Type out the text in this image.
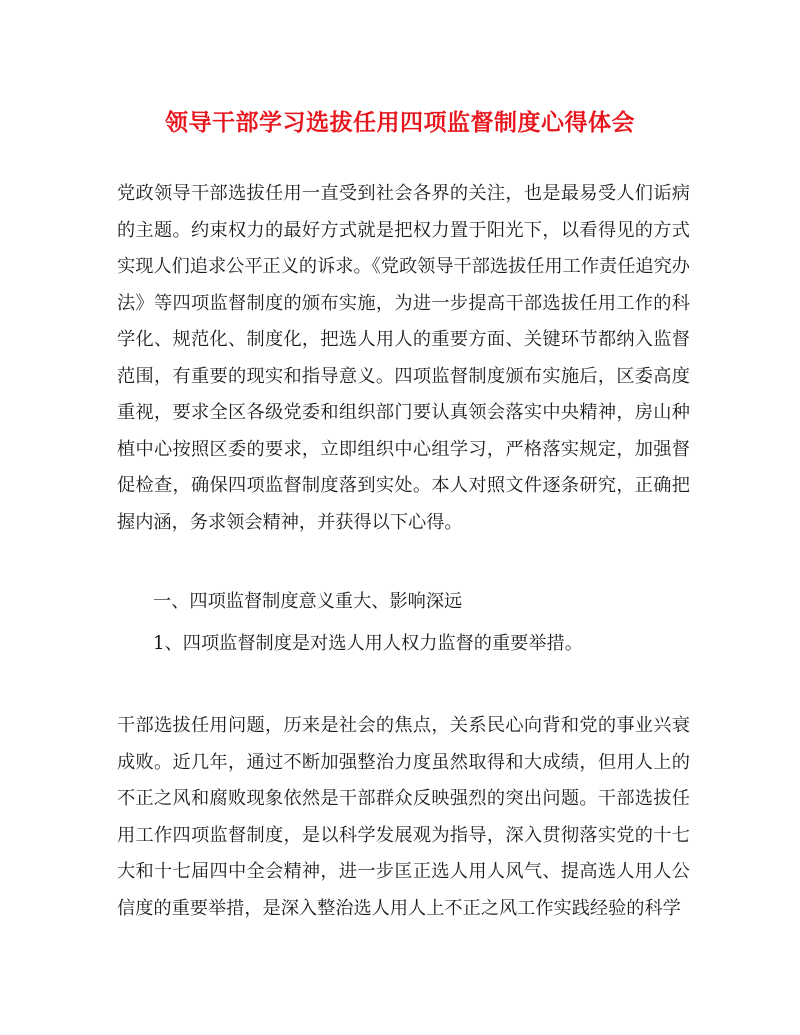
领导干部学习选拔任用四项监督制度心得体会

党政领导干部选拔任用一直受到社会各界的关注，也是最易受人们诟病的主题。约束权力的最好方式就是把权力置于阳光下，以看得见的方式实现人们追求公平正义的诉求。《党政领导干部选拔任用工作责任追究办法》等四项监督制度的颁布实施，为进一步提高干部选拔任用工作的科学化、规范化、制度化，把选人用人的重要方面、关键环节都纳入监督范围，有重要的现实和指导意义。四项监督制度颁布实施后，区委高度重视，要求全区各级党委和组织部门要认真领会落实中央精神，房山种植中心按照区委的要求，立即组织中心组学习，严格落实规定，加强督促检查，确保四项监督制度落到实处。本人对照文件逐条研究，正确把握内涵，务求领会精神，并获得以下心得。

一、四项监督制度意义重大、影响深远

1、四项监督制度是对选人用人权力监督的重要举措。

干部选拔任用问题，历来是社会的焦点，关系民心向背和党的事业兴衰成败。近几年，通过不断加强整治力度虽然取得和大成绩，但用人上的不正之风和腐败现象依然是干部群众反映强烈的突出问题。干部选拔任用工作四项监督制度，是以科学发展观为指导，深入贯彻落实党的十七大和十七届四中全会精神，进一步匡正选人用人风气、提高选人用人公信度的重要举措，是深入整治选人用人上不正之风工作实践经验的科学
